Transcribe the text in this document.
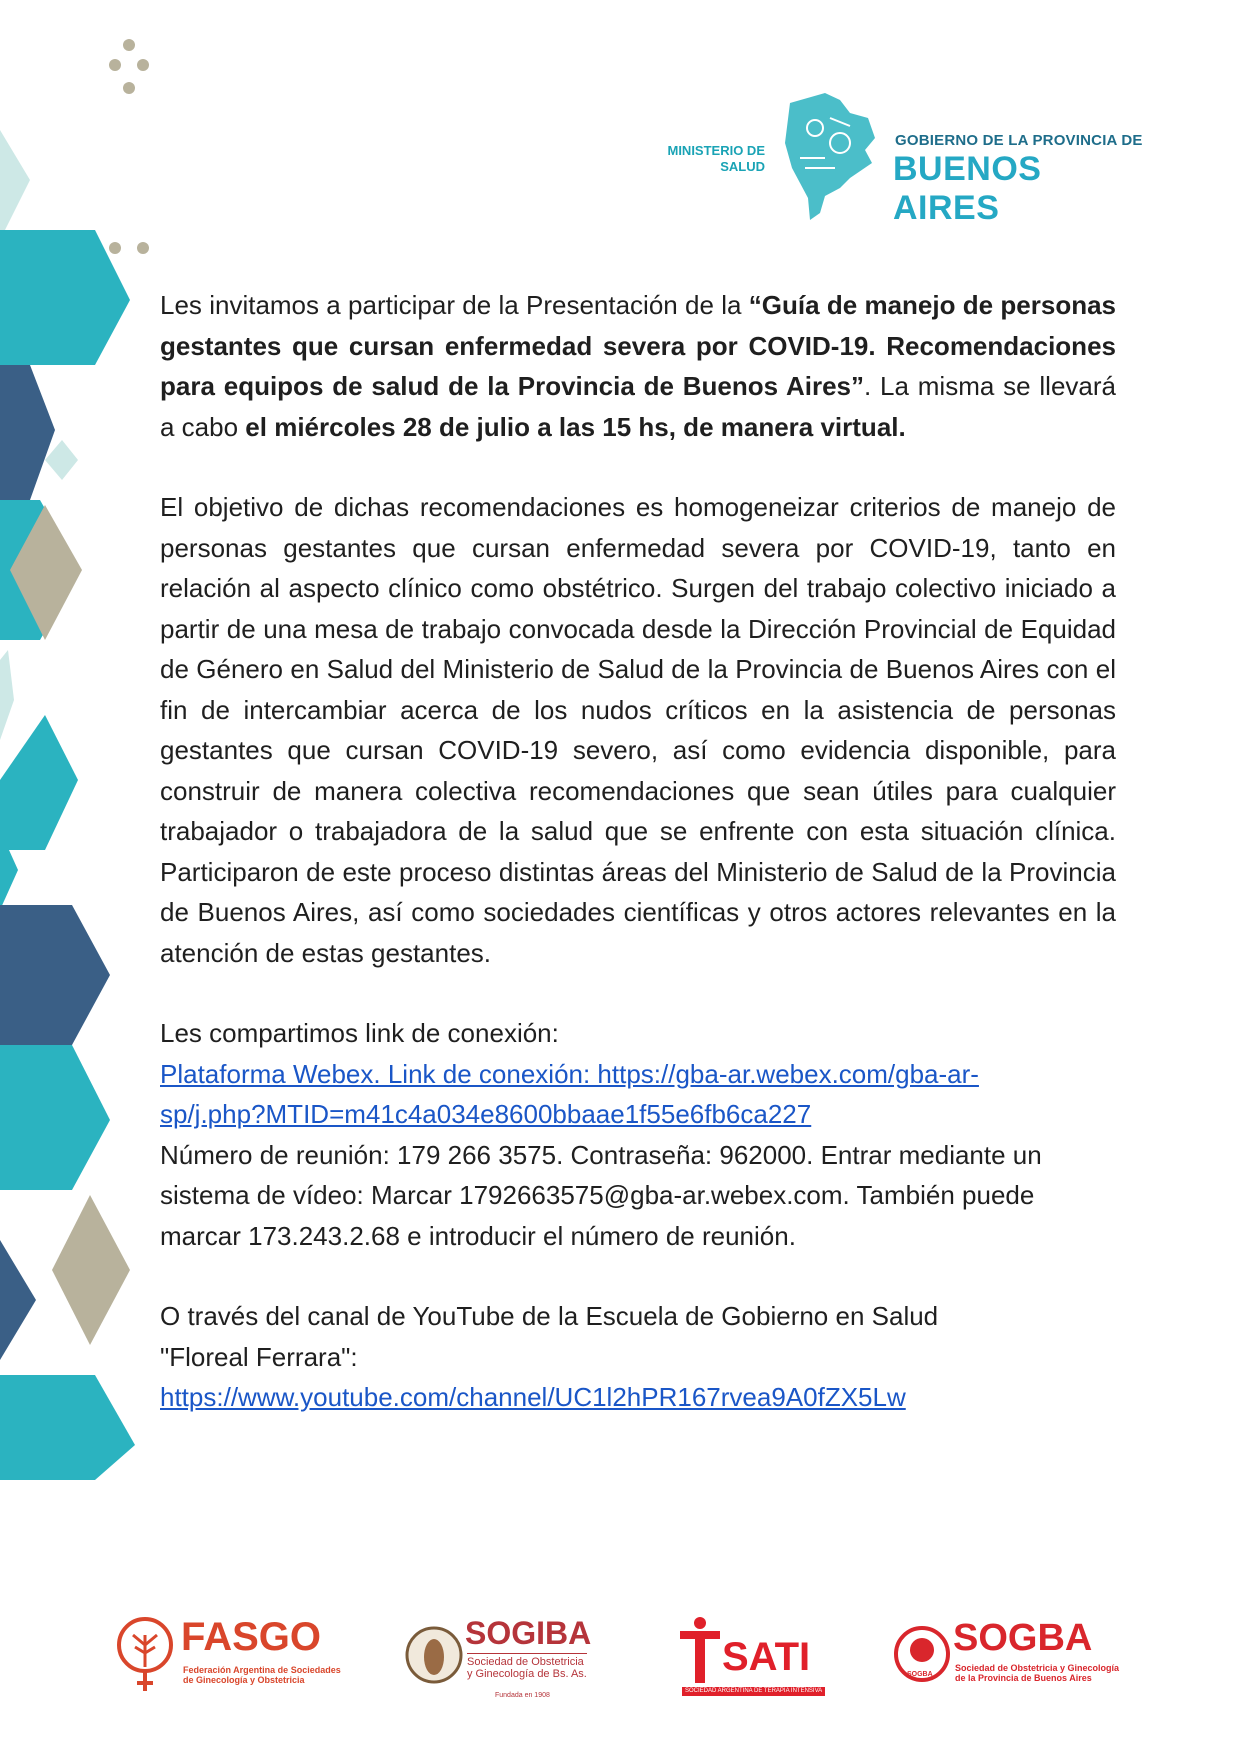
MINISTERIO DE
SALUD
GOBIERNO DE LA PROVINCIA DE
BUENOS AIRES

Les invitamos a participar de la Presentación de la “Guía de manejo de personas gestantes que cursan enfermedad severa por COVID-19. Recomendaciones para equipos de salud de la Provincia de Buenos Aires”. La misma se llevará a cabo el miércoles 28 de julio a las 15 hs, de manera virtual.

El objetivo de dichas recomendaciones es homogeneizar criterios de manejo de personas gestantes que cursan enfermedad severa por COVID-19, tanto en relación al aspecto clínico como obstétrico. Surgen del trabajo colectivo iniciado a partir de una mesa de trabajo convocada desde la Dirección Provincial de Equidad de Género en Salud del Ministerio de Salud de la Provincia de Buenos Aires con el fin de intercambiar acerca de los nudos críticos en la asistencia de personas gestantes que cursan COVID-19 severo, así como evidencia disponible, para construir de manera colectiva recomendaciones que sean útiles para cualquier trabajador o trabajadora de la salud que se enfrente con esta situación clínica. Participaron de este proceso distintas áreas del Ministerio de Salud de la Provincia de Buenos Aires, así como sociedades científicas y otros actores relevantes en la atención de estas gestantes.

Les compartimos link de conexión:

Plataforma Webex. Link de conexión: https://gba-ar.webex.com/gba-ar-
sp/j.php?MTID=m41c4a034e8600bbaae1f55e6fb6ca227

Número de reunión: 179 266 3575. Contraseña: 962000. Entrar mediante un sistema de vídeo: Marcar 1792663575@gba-ar.webex.com. También puede marcar 173.243.2.68 e introducir el número de reunión.

O través del canal de YouTube de la Escuela de Gobierno en Salud
"Floreal Ferrara":

https://www.youtube.com/channel/UC1l2hPR167rvea9A0fZX5Lw

FASGO
Federación Argentina de Sociedades
de Ginecología y Obstetricia
SOGIBA
Sociedad de Obstetricia
y Ginecología de Bs. As.
Fundada en 1908
SATI
SOCIEDAD ARGENTINA DE TERAPIA INTENSIVA
SOGBA
SOGBA
Sociedad de Obstetricia y Ginecología
de la Provincia de Buenos Aires
